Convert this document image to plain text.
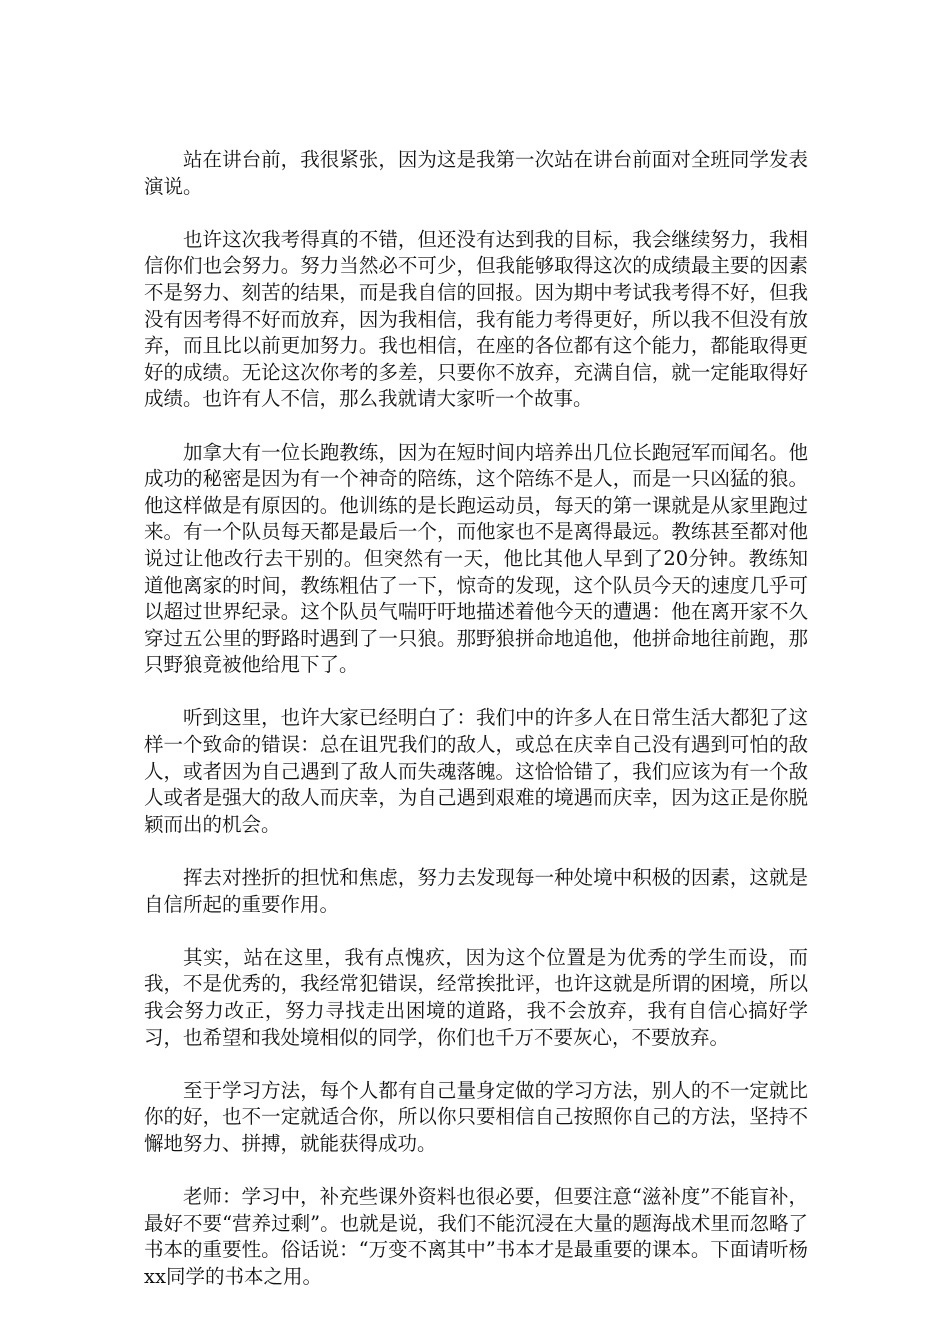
站在讲台前，我很紧张，因为这是我第一次站在讲台前面对全班同学发表演说。

也许这次我考得真的不错，但还没有达到我的目标，我会继续努力，我相信你们也会努力。努力当然必不可少，但我能够取得这次的成绩最主要的因素不是努力、刻苦的结果，而是我自信的回报。因为期中考试我考得不好，但我没有因考得不好而放弃，因为我相信，我有能力考得更好，所以我不但没有放弃，而且比以前更加努力。我也相信，在座的各位都有这个能力，都能取得更好的成绩。无论这次你考的多差，只要你不放弃，充满自信，就一定能取得好成绩。也许有人不信，那么我就请大家听一个故事。

加拿大有一位长跑教练，因为在短时间内培养出几位长跑冠军而闻名。他成功的秘密是因为有一个神奇的陪练，这个陪练不是人，而是一只凶猛的狼。他这样做是有原因的。他训练的是长跑运动员，每天的第一课就是从家里跑过来。有一个队员每天都是最后一个，而他家也不是离得最远。教练甚至都对他说过让他改行去干别的。但突然有一天，他比其他人早到了20分钟。教练知道他离家的时间，教练粗估了一下，惊奇的发现，这个队员今天的速度几乎可以超过世界纪录。这个队员气喘吁吁地描述着他今天的遭遇：他在离开家不久穿过五公里的野路时遇到了一只狼。那野狼拼命地追他，他拼命地往前跑，那只野狼竟被他给甩下了。

听到这里，也许大家已经明白了：我们中的许多人在日常生活大都犯了这样一个致命的错误：总在诅咒我们的敌人，或总在庆幸自己没有遇到可怕的敌人，或者因为自己遇到了敌人而失魂落魄。这恰恰错了，我们应该为有一个敌人或者是强大的敌人而庆幸，为自己遇到艰难的境遇而庆幸，因为这正是你脱颖而出的机会。

挥去对挫折的担忧和焦虑，努力去发现每一种处境中积极的因素，这就是自信所起的重要作用。

其实，站在这里，我有点愧疚，因为这个位置是为优秀的学生而设，而我，不是优秀的，我经常犯错误，经常挨批评，也许这就是所谓的困境，所以我会努力改正，努力寻找走出困境的道路，我不会放弃，我有自信心搞好学习，也希望和我处境相似的同学，你们也千万不要灰心，不要放弃。

至于学习方法，每个人都有自己量身定做的学习方法，别人的不一定就比你的好，也不一定就适合你，所以你只要相信自己按照你自己的方法，坚持不懈地努力、拼搏，就能获得成功。

老师：学习中，补充些课外资料也很必要，但要注意“滋补度”不能盲补，最好不要“营养过剩”。也就是说，我们不能沉浸在大量的题海战术里而忽略了书本的重要性。俗话说：“万变不离其中”书本才是最重要的课本。下面请听杨xx同学的书本之用。
